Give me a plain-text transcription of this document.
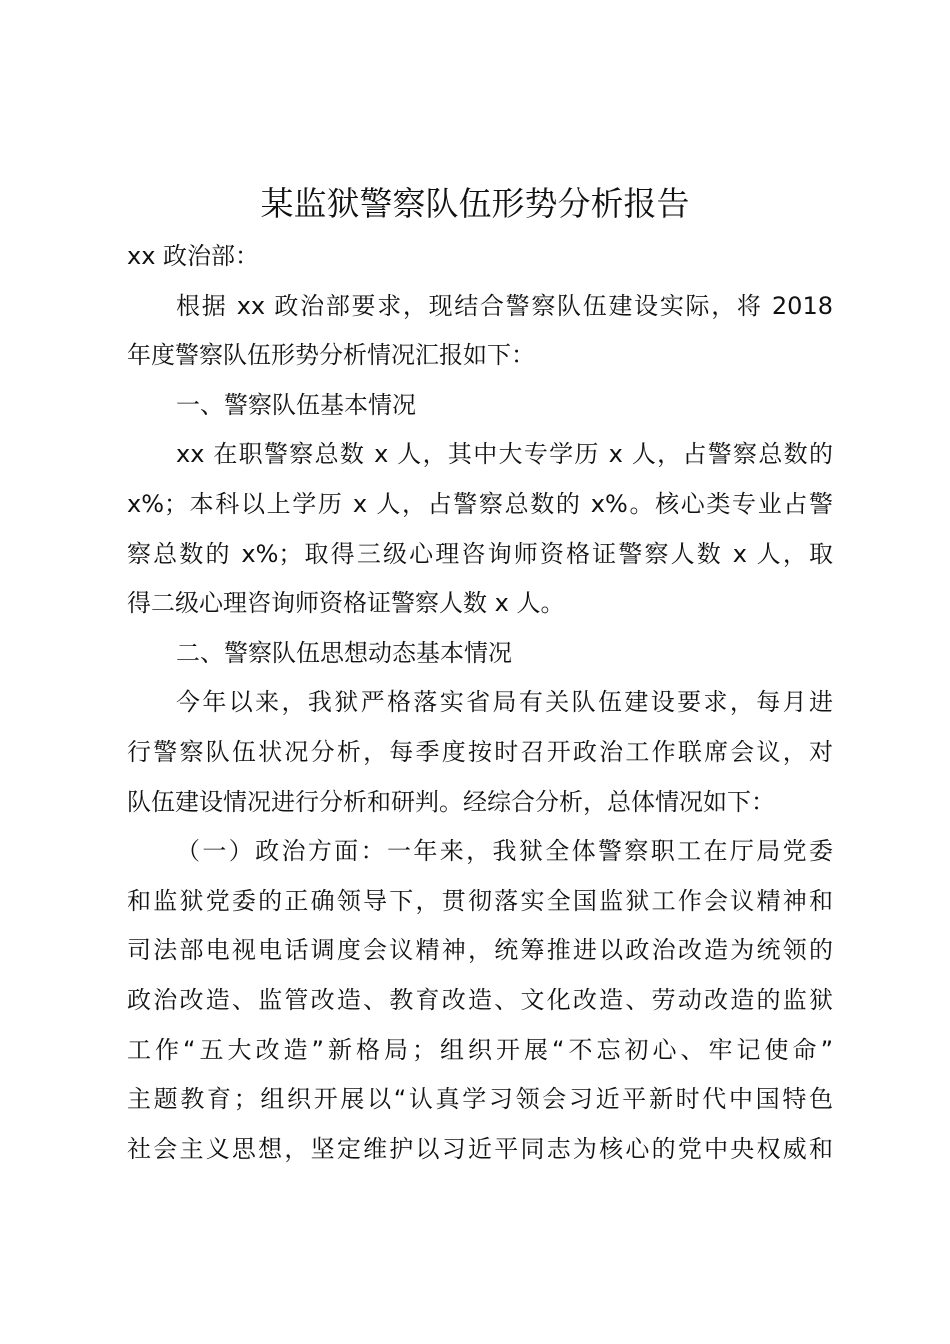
某监狱警察队伍形势分析报告
xx 政治部：
根据 xx 政治部要求，现结合警察队伍建设实际，将 2018
年度警察队伍形势分析情况汇报如下：
一、警察队伍基本情况
xx 在职警察总数 x 人，其中大专学历 x 人，占警察总数的
x%；本科以上学历 x 人，占警察总数的 x%。核心类专业占警
察总数的 x%；取得三级心理咨询师资格证警察人数 x 人，取
得二级心理咨询师资格证警察人数 x 人。
二、警察队伍思想动态基本情况
今年以来，我狱严格落实省局有关队伍建设要求，每月进
行警察队伍状况分析，每季度按时召开政治工作联席会议，对
队伍建设情况进行分析和研判。经综合分析，总体情况如下：
（一）政治方面：一年来，我狱全体警察职工在厅局党委
和监狱党委的正确领导下，贯彻落实全国监狱工作会议精神和
司法部电视电话调度会议精神，统筹推进以政治改造为统领的
政治改造、监管改造、教育改造、文化改造、劳动改造的监狱
工作“五大改造”新格局；组织开展“不忘初心、牢记使命”
主题教育；组织开展以“认真学习领会习近平新时代中国特色
社会主义思想，坚定维护以习近平同志为核心的党中央权威和
